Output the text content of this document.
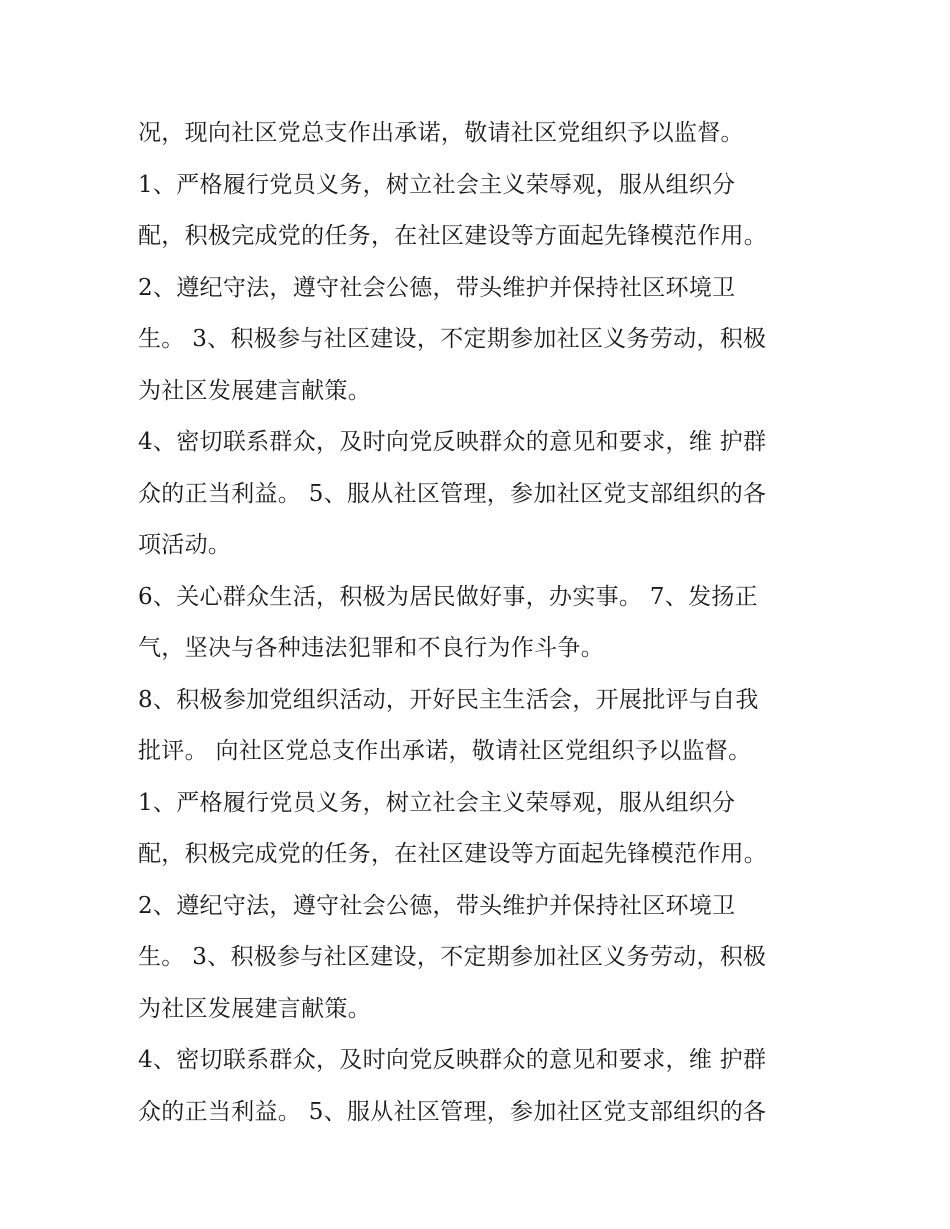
况，现向社区党总支作出承诺，敬请社区党组织予以监督。
1、严格履行党员义务，树立社会主义荣辱观，服从组织分
配，积极完成党的任务，在社区建设等方面起先锋模范作用。
2、遵纪守法，遵守社会公德，带头维护并保持社区环境卫
生。 3、积极参与社区建设，不定期参加社区义务劳动，积极
为社区发展建言献策。
4、密切联系群众，及时向党反映群众的意见和要求，维 护群
众的正当利益。 5、服从社区管理，参加社区党支部组织的各
项活动。
6、关心群众生活，积极为居民做好事，办实事。 7、发扬正
气，坚决与各种违法犯罪和不良行为作斗争。
8、积极参加党组织活动，开好民主生活会，开展批评与自我
批评。 向社区党总支作出承诺，敬请社区党组织予以监督。
1、严格履行党员义务，树立社会主义荣辱观，服从组织分
配，积极完成党的任务，在社区建设等方面起先锋模范作用。
2、遵纪守法，遵守社会公德，带头维护并保持社区环境卫
生。 3、积极参与社区建设，不定期参加社区义务劳动，积极
为社区发展建言献策。
4、密切联系群众，及时向党反映群众的意见和要求，维 护群
众的正当利益。 5、服从社区管理，参加社区党支部组织的各
